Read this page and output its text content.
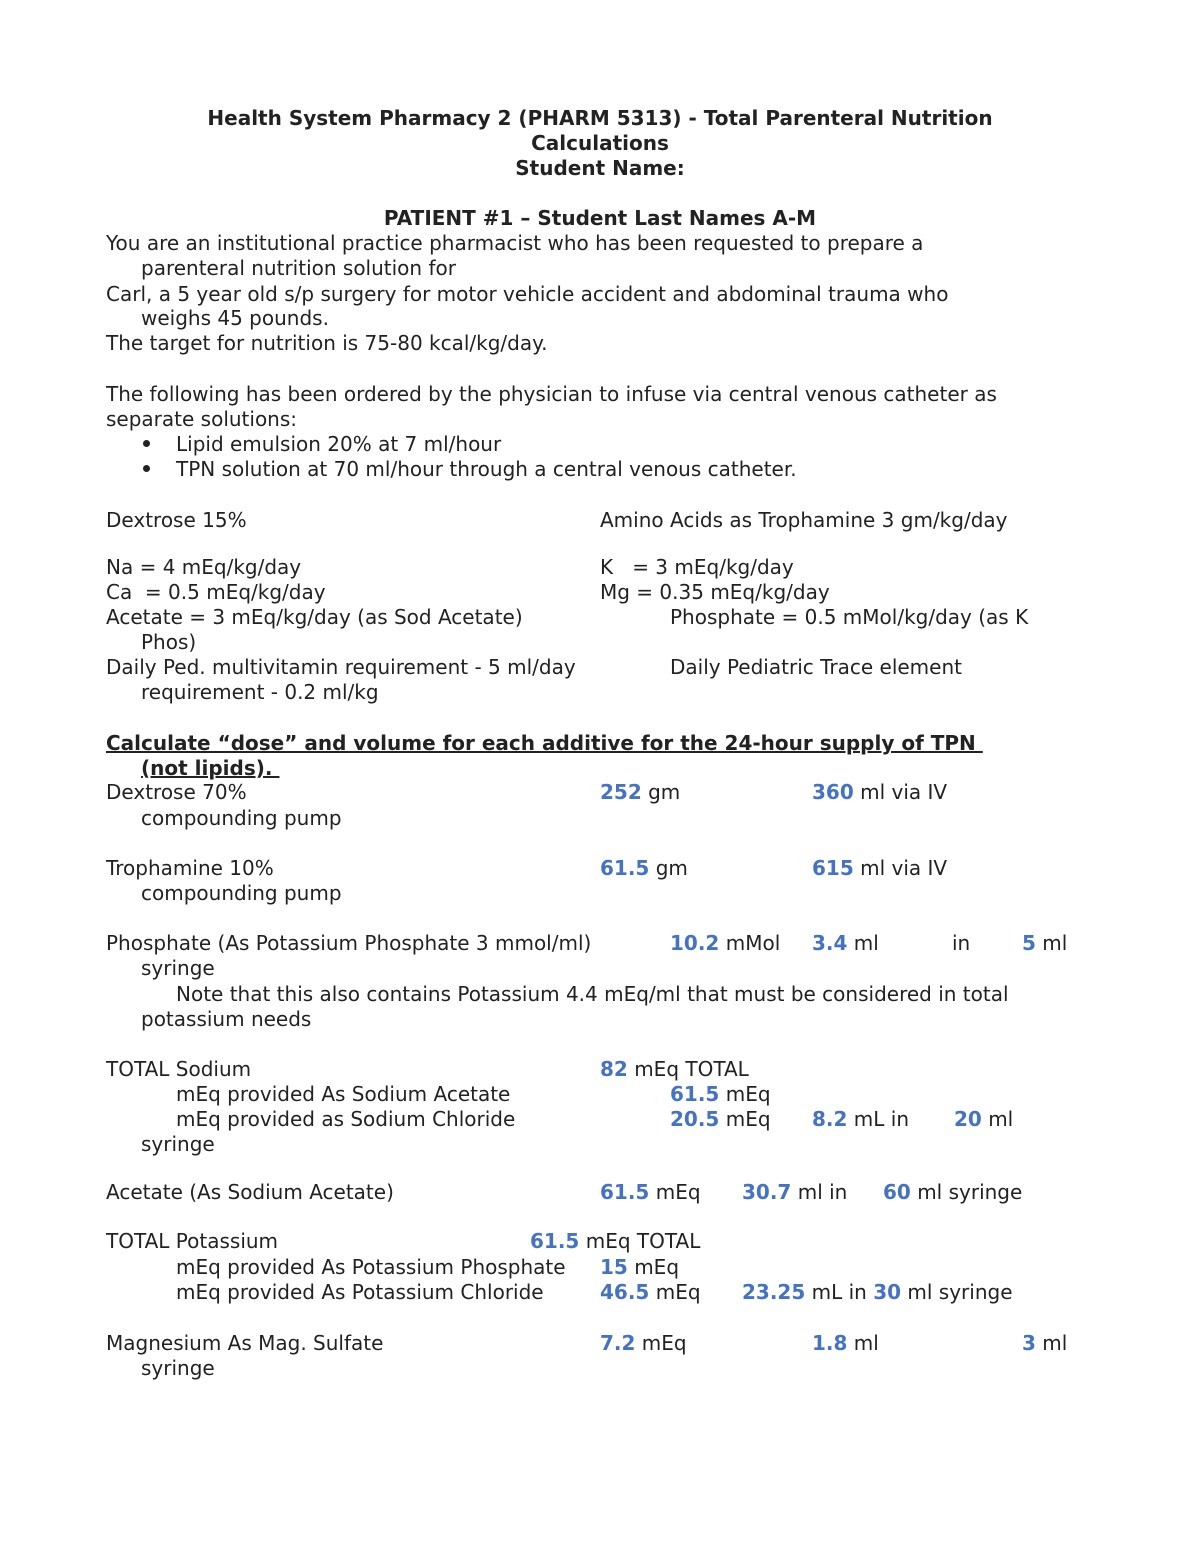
Health System Pharmacy 2 (PHARM 5313) - Total Parenteral Nutrition
Calculations
Student Name:
PATIENT #1 – Student Last Names A-M
You are an institutional practice pharmacist who has been requested to prepare a
parenteral nutrition solution for
Carl, a 5 year old s/p surgery for motor vehicle accident and abdominal trauma who
weighs 45 pounds.
The target for nutrition is 75-80 kcal/kg/day.
The following has been ordered by the physician to infuse via central venous catheter as
separate solutions:
Lipid emulsion 20% at 7 ml/hour
TPN solution at 70 ml/hour through a central venous catheter.
Dextrose 15%	Amino Acids as Trophamine 3 gm/kg/day
Na = 4 mEq/kg/day	K   = 3 mEq/kg/day
Ca  = 0.5 mEq/kg/day	Mg = 0.35 mEq/kg/day
Acetate = 3 mEq/kg/day (as Sod Acetate)	Phosphate = 0.5 mMol/kg/day (as K
Phos)
Daily Ped. multivitamin requirement - 5 ml/day	Daily Pediatric Trace element
requirement - 0.2 ml/kg
Calculate “dose” and volume for each additive for the 24-hour supply of TPN
(not lipids).
Dextrose 70%	252 gm	360 ml via IV
compounding pump
Trophamine 10%	61.5 gm	615 ml via IV
compounding pump
Phosphate (As Potassium Phosphate 3 mmol/ml)	10.2 mMol 3.4 ml	in	5 ml
syringe
Note that this also contains Potassium 4.4 mEq/ml that must be considered in total
potassium needs
TOTAL Sodium	82 mEq TOTAL
mEq provided As Sodium Acetate	61.5 mEq
mEq provided as Sodium Chloride	20.5 mEq 8.2 mL in 20 ml
syringe
Acetate (As Sodium Acetate)	61.5 mEq 30.7 ml in 60 ml syringe
TOTAL Potassium	61.5 mEq TOTAL
mEq provided As Potassium Phosphate 15 mEq
mEq provided As Potassium Chloride	46.5 mEq 23.25 mL in 30 ml syringe
Magnesium As Mag. Sulfate	7.2 mEq	1.8 ml	3 ml
syringe
